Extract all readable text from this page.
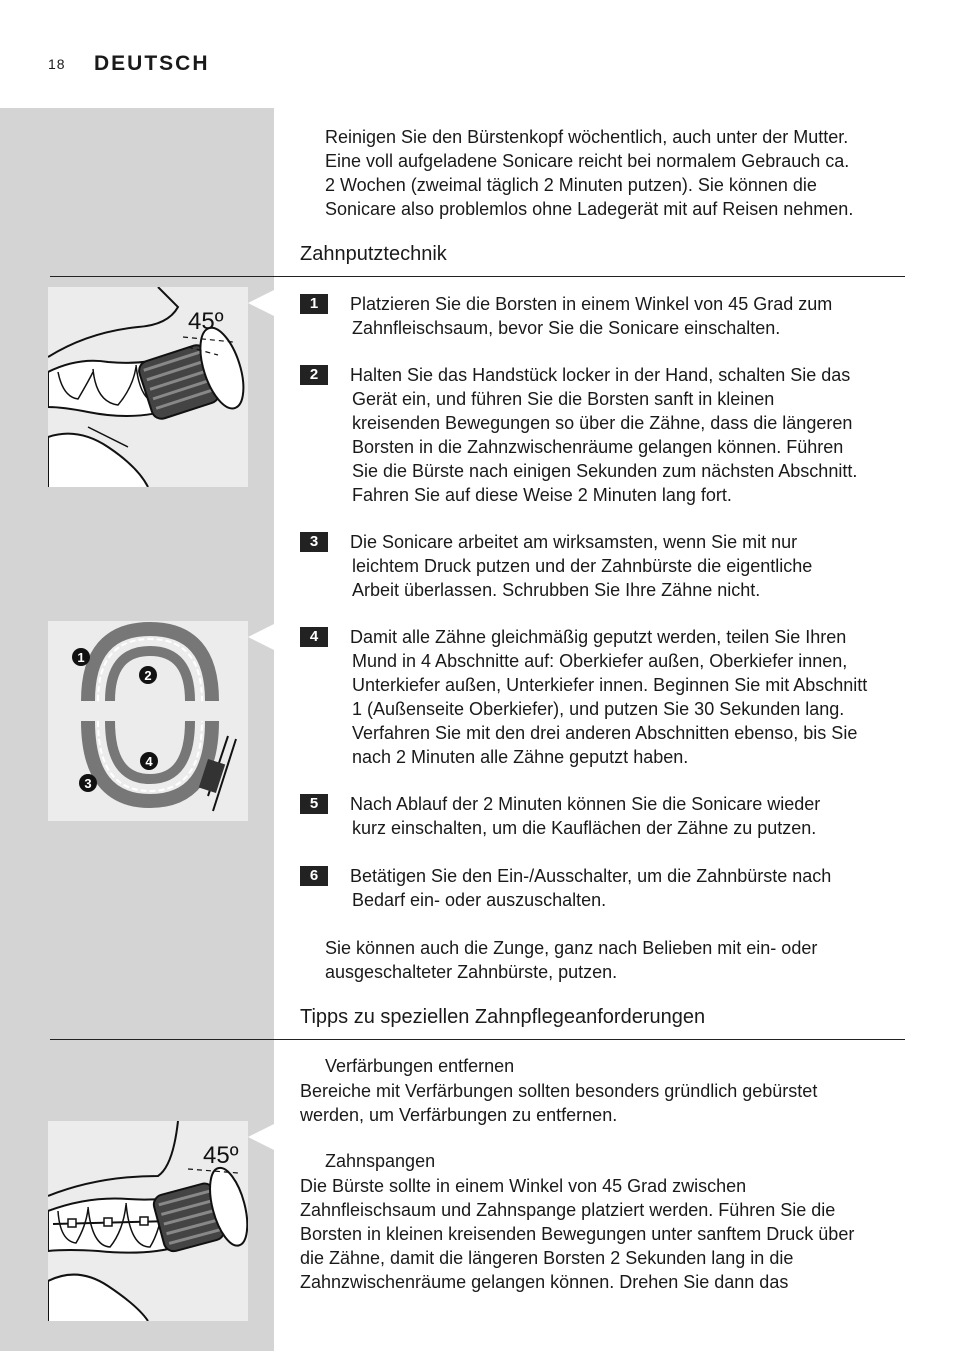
18 DEUTSCH
Reinigen Sie den Bürstenkopf wöchentlich, auch unter der Mutter.
Eine voll aufgeladene Sonicare reicht bei normalem Gebrauch ca.
2 Wochen (zweimal täglich 2 Minuten putzen). Sie können die
Sonicare also problemlos ohne Ladegerät mit auf Reisen nehmen.
Zahnputztechnik
45º
1
2
3
4
1	Platzieren Sie die Borsten in einem Winkel von 45 Grad zum
Zahnfleischsaum, bevor Sie die Sonicare einschalten.
2	Halten Sie das Handstück locker in der Hand, schalten Sie das
Gerät ein, und führen Sie die Borsten sanft in kleinen
kreisenden Bewegungen so über die Zähne, dass die längeren
Borsten in die Zahnzwischenräume gelangen können. Führen
Sie die Bürste nach einigen Sekunden zum nächsten Abschnitt.
Fahren Sie auf diese Weise 2 Minuten lang fort.
3	Die Sonicare arbeitet am wirksamsten, wenn Sie mit nur
leichtem Druck putzen und der Zahnbürste die eigentliche
Arbeit überlassen. Schrubben Sie Ihre Zähne nicht.
4	Damit alle Zähne gleichmäßig geputzt werden, teilen Sie Ihren
Mund in 4 Abschnitte auf: Oberkiefer außen, Oberkiefer innen,
Unterkiefer außen, Unterkiefer innen. Beginnen Sie mit Abschnitt
1 (Außenseite Oberkiefer), und putzen Sie 30 Sekunden lang.
Verfahren Sie mit den drei anderen Abschnitten ebenso, bis Sie
nach 2 Minuten alle Zähne geputzt haben.
5	Nach Ablauf der 2 Minuten können Sie die Sonicare wieder
kurz einschalten, um die Kauflächen der Zähne zu putzen.
6	Betätigen Sie den Ein-/Ausschalter, um die Zahnbürste nach
Bedarf ein- oder auszuschalten.
Sie können auch die Zunge, ganz nach Belieben mit ein- oder
ausgeschalteter Zahnbürste, putzen.
Tipps zu speziellen Zahnpflegeanforderungen
Verfärbungen entfernen
Bereiche mit Verfärbungen sollten besonders gründlich gebürstet
werden, um Verfärbungen zu entfernen.
Zahnspangen
Die Bürste sollte in einem Winkel von 45 Grad zwischen
Zahnfleischsaum und Zahnspange platziert werden. Führen Sie die
Borsten in kleinen kreisenden Bewegungen unter sanftem Druck über
die Zähne, damit die längeren Borsten 2 Sekunden lang in die
Zahnzwischenräume gelangen können. Drehen Sie dann das
45º
